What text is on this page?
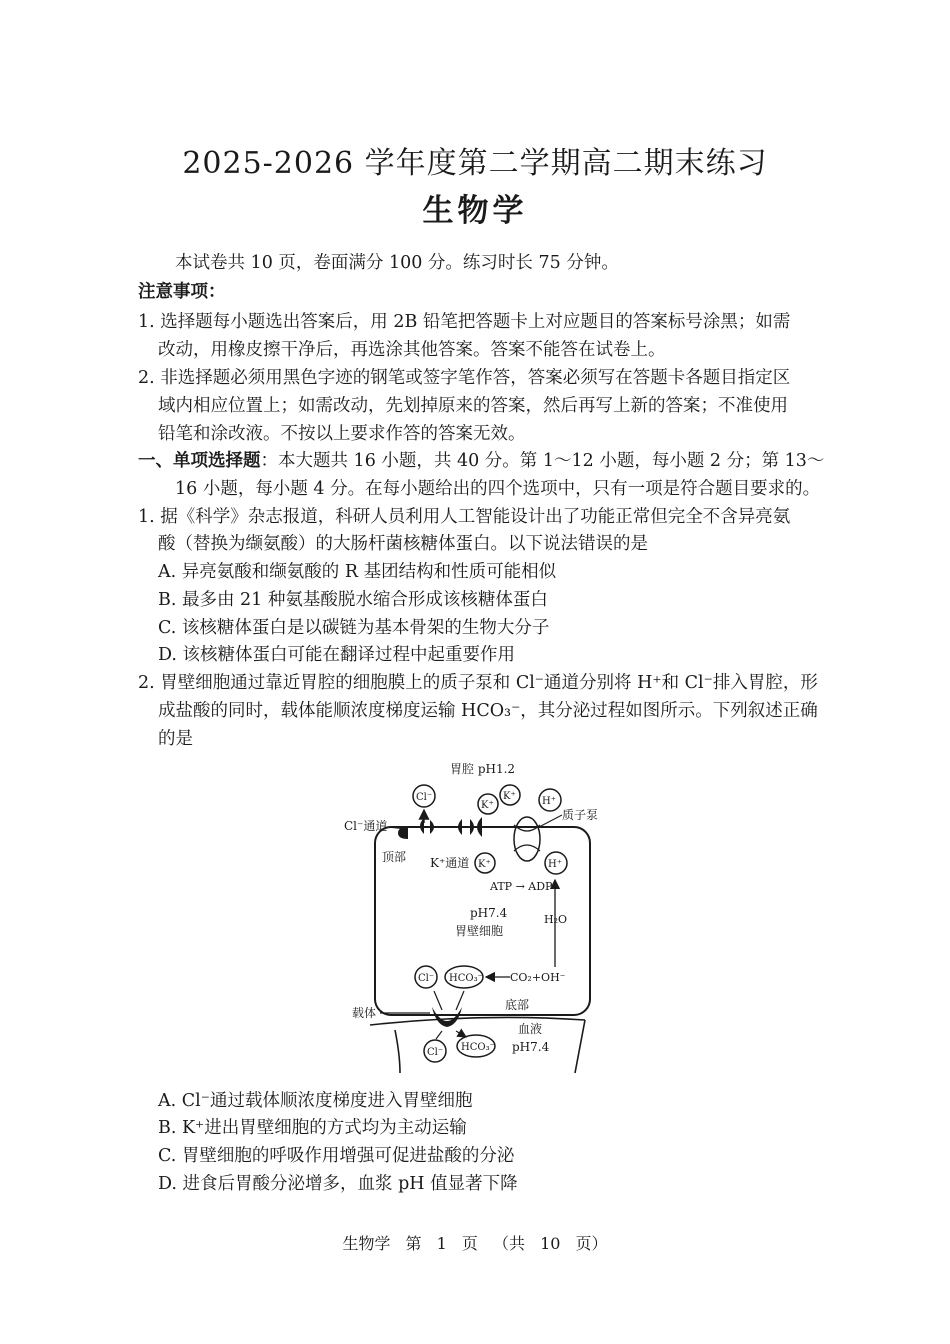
2025-2026 学年度第二学期高二期末练习
生物学
本试卷共 10 页，卷面满分 100 分。练习时长 75 分钟。
注意事项：
1. 选择题每小题选出答案后，用 2B 铅笔把答题卡上对应题目的答案标号涂黑；如需
改动，用橡皮擦干净后，再选涂其他答案。答案不能答在试卷上。
2. 非选择题必须用黑色字迹的钢笔或签字笔作答，答案必须写在答题卡各题目指定区
域内相应位置上；如需改动，先划掉原来的答案，然后再写上新的答案；不准使用
铅笔和涂改液。不按以上要求作答的答案无效。
一、单项选择题：本大题共 16 小题，共 40 分。第 1～12 小题，每小题 2 分；第 13～
16 小题，每小题 4 分。在每小题给出的四个选项中，只有一项是符合题目要求的。
1. 据《科学》杂志报道，科研人员利用人工智能设计出了功能正常但完全不含异亮氨
酸（替换为缬氨酸）的大肠杆菌核糖体蛋白。以下说法错误的是
A. 异亮氨酸和缬氨酸的 R 基团结构和性质可能相似
B. 最多由 21 种氨基酸脱水缩合形成该核糖体蛋白
C. 该核糖体蛋白是以碳链为基本骨架的生物大分子
D. 该核糖体蛋白可能在翻译过程中起重要作用
2. 胃壁细胞通过靠近胃腔的细胞膜上的质子泵和 Cl⁻通道分别将 H⁺和 Cl⁻排入胃腔，形
成盐酸的同时，载体能顺浓度梯度运输 HCO₃⁻，其分泌过程如图所示。下列叙述正确
的是
胃腔 pH1.2
Cl⁻
Cl⁻通道
顶部 K⁺通道 K⁺
K⁺
K⁺	H⁺
质子泵
H⁺
ATP → ADP
pH7.4
胃壁细胞
H₂O
Cl⁻ HCO₃⁻ CO₂+OH⁻
底部
载体
血液
pH7.4
Cl⁻ HCO₃⁻
A. Cl⁻通过载体顺浓度梯度进入胃壁细胞
B. K⁺进出胃壁细胞的方式均为主动运输
C. 胃壁细胞的呼吸作用增强可促进盐酸的分泌
D. 进食后胃酸分泌增多，血浆 pH 值显著下降
生物学 第 1 页 （共 10 页）
